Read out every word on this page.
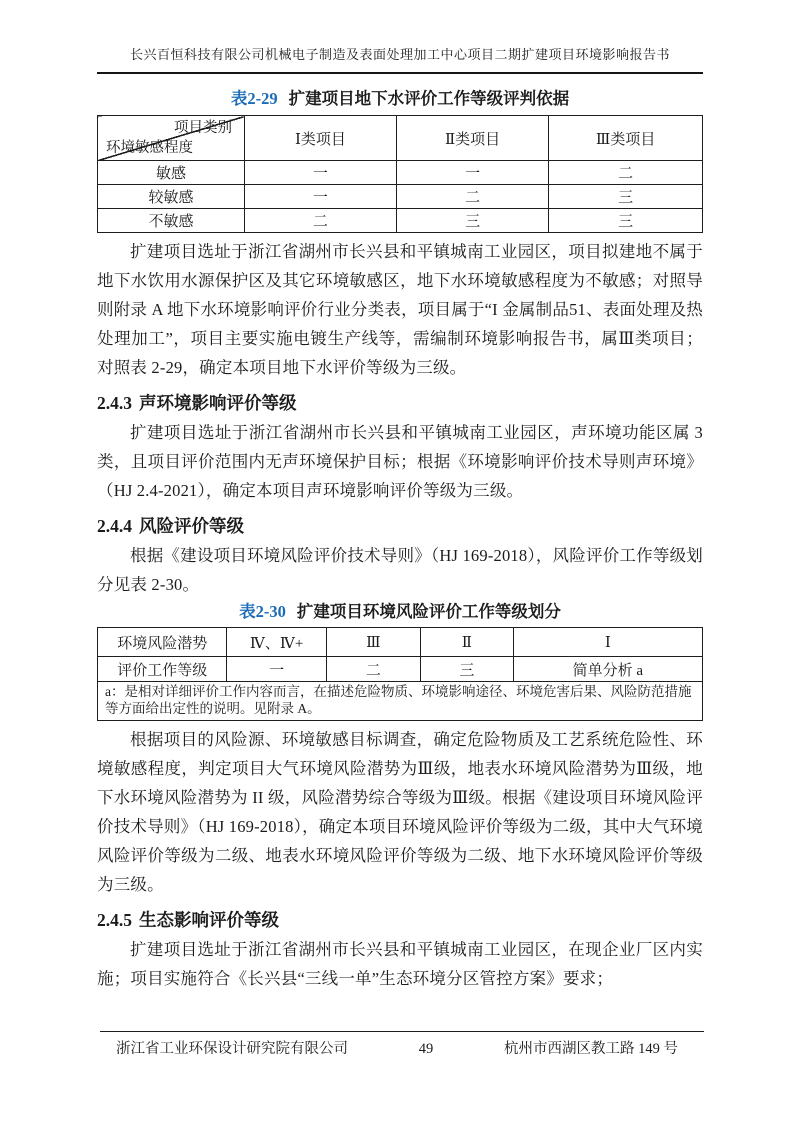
长兴百恒科技有限公司机械电子制造及表面处理加工中心项目二期扩建项目环境影响报告书
表2-29 扩建项目地下水评价工作等级评判依据
项目类别
环境敏感程度	Ⅰ类项目	Ⅱ类项目	Ⅲ类项目
敏感	一	一	二
较敏感	一	二	三
不敏感	二	三	三

扩建项目选址于浙江省湖州市长兴县和平镇城南工业园区，项目拟建地不属于地下水饮用水源保护区及其它环境敏感区，地下水环境敏感程度为不敏感；对照导则附录 A 地下水环境影响评价行业分类表，项目属于“I 金属制品51、表面处理及热处理加工”，项目主要实施电镀生产线等，需编制环境影响报告书，属Ⅲ类项目；对照表 2-29，确定本项目地下水评价等级为三级。

2.4.3 声环境影响评价等级

扩建项目选址于浙江省湖州市长兴县和平镇城南工业园区，声环境功能区属 3 类，且项目评价范围内无声环境保护目标；根据《环境影响评价技术导则声环境》（HJ 2.4-2021），确定本项目声环境影响评价等级为三级。

2.4.4 风险评价等级

根据《建设项目环境风险评价技术导则》（HJ 169-2018），风险评价工作等级划分见表 2-30。

表2-30 扩建项目环境风险评价工作等级划分
环境风险潜势	Ⅳ、Ⅳ+	Ⅲ	Ⅱ	Ⅰ
评价工作等级	一	二	三	简单分析 a
a：是相对详细评价工作内容而言，在描述危险物质、环境影响途径、环境危害后果、风险防范措施等方面给出定性的说明。见附录 A。				

根据项目的风险源、环境敏感目标调查，确定危险物质及工艺系统危险性、环境敏感程度，判定项目大气环境风险潜势为Ⅲ级，地表水环境风险潜势为Ⅲ级，地下水环境风险潜势为 II 级，风险潜势综合等级为Ⅲ级。根据《建设项目环境风险评价技术导则》（HJ 169-2018），确定本项目环境风险评价等级为二级，其中大气环境风险评价等级为二级、地表水环境风险评价等级为二级、地下水环境风险评价等级为三级。

2.4.5 生态影响评价等级

扩建项目选址于浙江省湖州市长兴县和平镇城南工业园区，在现企业厂区内实施；项目实施符合《长兴县“三线一单”生态环境分区管控方案》要求；

浙江省工业环保设计研究院有限公司	49	杭州市西湖区教工路 149 号
